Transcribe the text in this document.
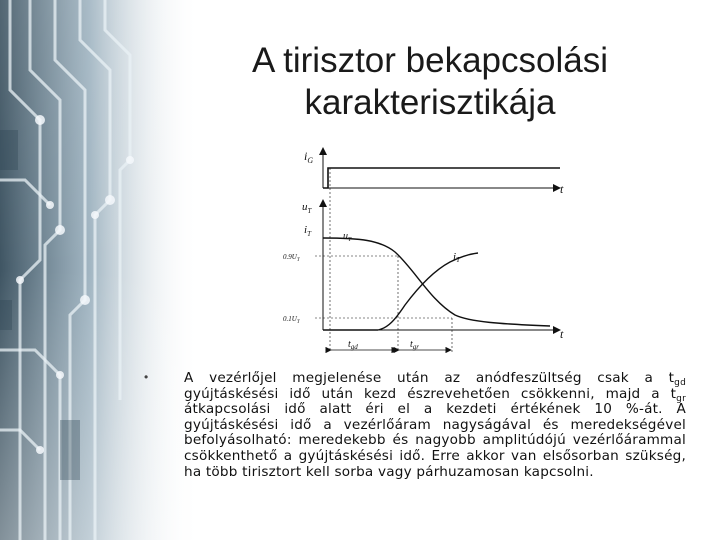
A tirisztor bekapcsolási
karakterisztikája
$i_G$
t
$u_T$
$i_T$
t
$0.9U_T$
$0.1U_T$
$u_T$
iT
$t_{gd}$	$t_{gr}$
•	A vezérlőjel megjelenése után az anódfeszültség csak a $t_{gd}$ gyújtáskésési idő után kezd észrevehetően csökkenni, majd a $t_{gr}$ átkapcsolási idő alatt éri el a kezdeti értékének 10 %-át. A gyújtáskésési idő a vezérlőáram nagyságával és meredekségével befolyásolható: meredekebb és nagyobb amplitúdójú vezérlőárammal csökkenthető a gyújtáskésési idő. Erre akkor van elsősorban szükség, ha több tirisztort kell sorba vagy párhuzamosan kapcsolni.
